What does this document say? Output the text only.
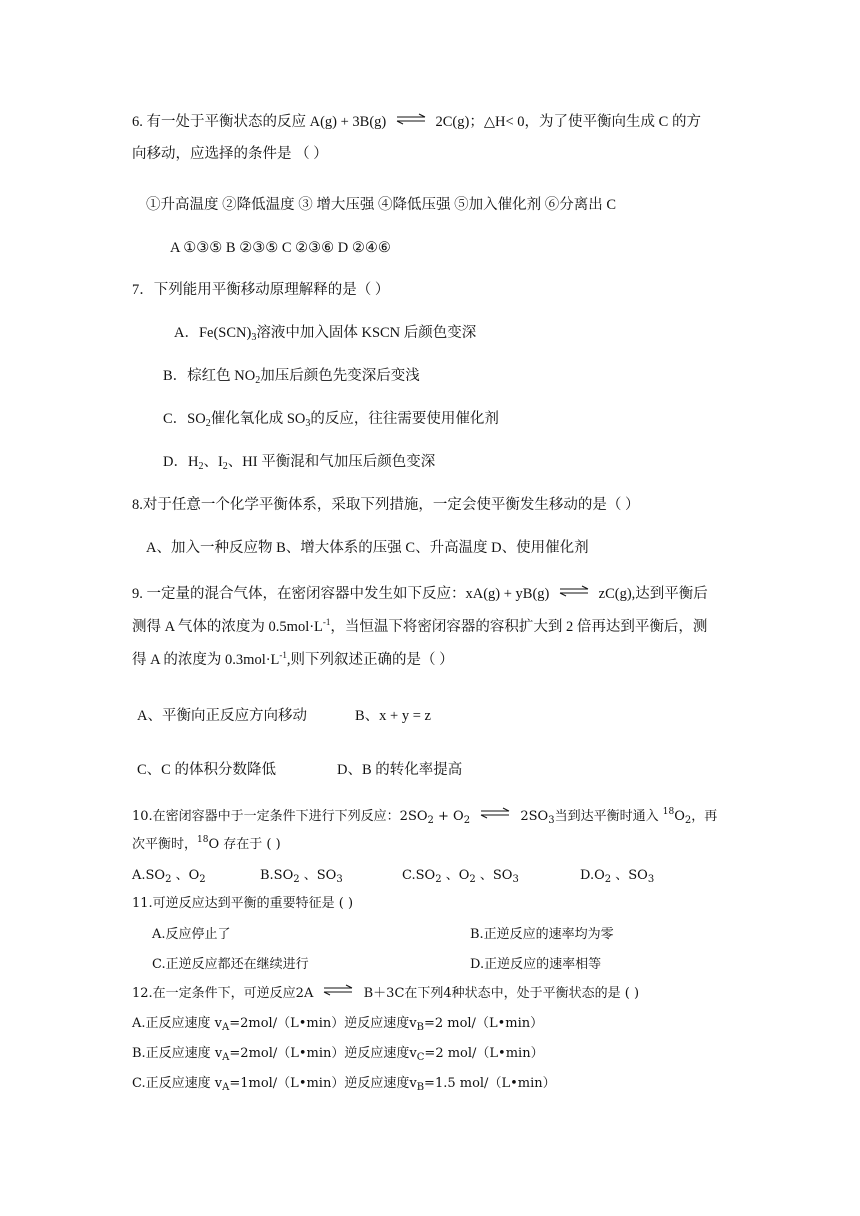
6. 有一处于平衡状态的反应 A(g) + 3B(g) ⇌ 2C(g)；△H< 0，为了使平衡向生成 C 的方
向移动，应选择的条件是 （ ）
①升高温度 ②降低温度 ③ 增大压强 ④降低压强 ⑤加入催化剂 ⑥分离出 C
A ①③⑤ B ②③⑤ C ②③⑥ D ②④⑥
7．下列能用平衡移动原理解释的是（ ）
A．$Fe(SCN)_3$溶液中加入固体 KSCN 后颜色变深
B．棕红色 $NO_2$加压后颜色先变深后变浅
C．$SO_2$催化氧化成 $SO_3$的反应，往往需要使用催化剂
D．$H_2$、$I_2$、HI 平衡混和气加压后颜色变深
8.对于任意一个化学平衡体系，采取下列措施，一定会使平衡发生移动的是（ ）
A、加入一种反应物 B、增大体系的压强 C、升高温度 D、使用催化剂
9. 一定量的混合气体，在密闭容器中发生如下反应：xA(g) + yB(g) ⇌ zC(g),达到平衡后
测得 A 气体的浓度为 $0.5mol\cdot L^{-1}$，当恒温下将密闭容器的容积扩大到 2 倍再达到平衡后，测
得 A 的浓度为 $0.3mol\cdot L^{-1}$,则下列叙述正确的是（ ）
A、平衡向正反应方向移动	B、x + y = z
C、C 的体积分数降低	D、B 的转化率提高
10.在密闭容器中于一定条件下进行下列反应：$2SO_2 + O_2$ ⇌ $2SO_3$当到达平衡时通入 $^{18}O_2$，再
次平衡时，$^{18}$O 存在于 ( )
$A.SO_2$ 、$O_2$	$B.SO_2$ 、$SO_3$	$C.SO_2$ 、$O_2$ 、$SO_3$	$D.O_2$ 、$SO_3$
11.可逆反应达到平衡的重要特征是 ( )
A.反应停止了	B.正逆反应的速率均为零
C.正逆反应都还在继续进行	D.正逆反应的速率相等
12.在一定条件下，可逆反应2A ⇌ B＋3C在下列4种状态中，处于平衡状态的是 ( )
A.正反应速度 $v_A=2mol/(L•\min)$逆反应速度$v_B=2$ mol/（L•min）
B.正反应速度 $v_A=2mol/(L•\min)$逆反应速度$v_C=2$ mol/（L•min）
C.正反应速度 $v_A=1mol/(L•\min)$逆反应速度$v_B=1.5$ mol/（L•min）
